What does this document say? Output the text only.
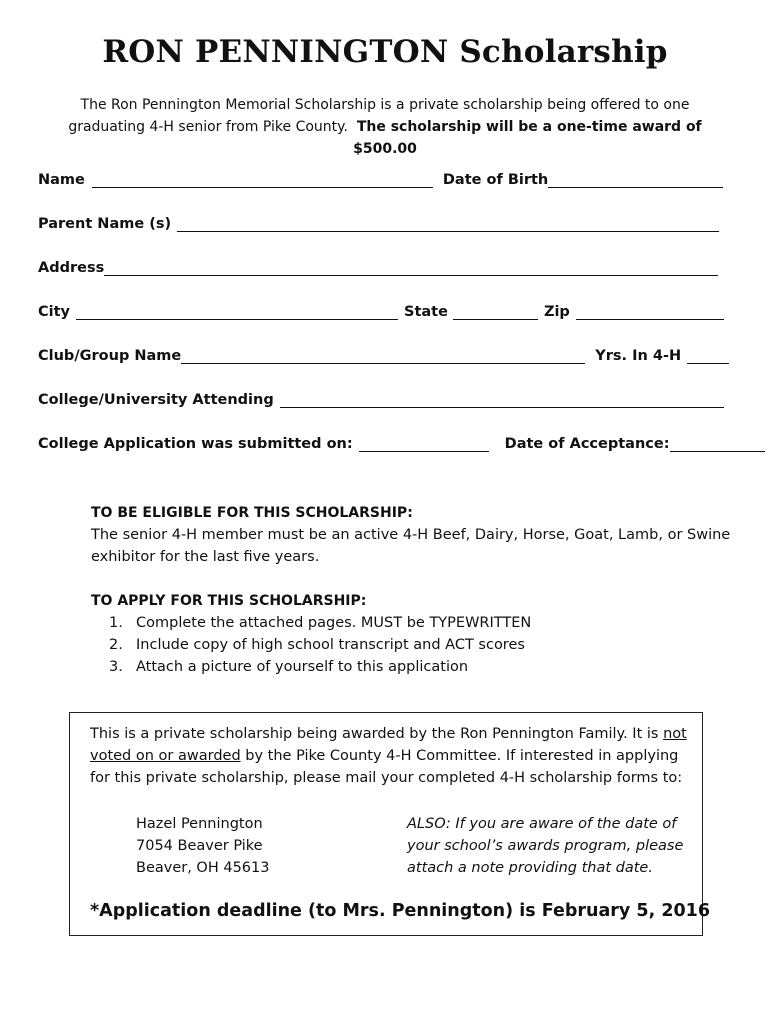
RON PENNINGTON Scholarship
The Ron Pennington Memorial Scholarship is a private scholarship being offered to one
graduating 4-H senior from Pike County. The scholarship will be a one-time award of $500.00
Name	Date of Birth
Parent Name (s)
Address
City	State	Zip
Club/Group Name	Yrs. In 4-H
College/University Attending
College Application was submitted on:	Date of Acceptance:
TO BE ELIGIBLE FOR THIS SCHOLARSHIP:
The senior 4-H member must be an active 4-H Beef, Dairy, Horse, Goat, Lamb, or Swine
exhibitor for the last five years.
TO APPLY FOR THIS SCHOLARSHIP:
1. Complete the attached pages. MUST be TYPEWRITTEN
2. Include copy of high school transcript and ACT scores
3. Attach a picture of yourself to this application
This is a private scholarship being awarded by the Ron Pennington Family. It is not
voted on or awarded by the Pike County 4-H Committee. If interested in applying
for this private scholarship, please mail your completed 4-H scholarship forms to:
Hazel Pennington
7054 Beaver Pike
Beaver, OH 45613
ALSO: If you are aware of the date of
your school’s awards program, please
attach a note providing that date.
*Application deadline (to Mrs. Pennington) is February 5, 2016
